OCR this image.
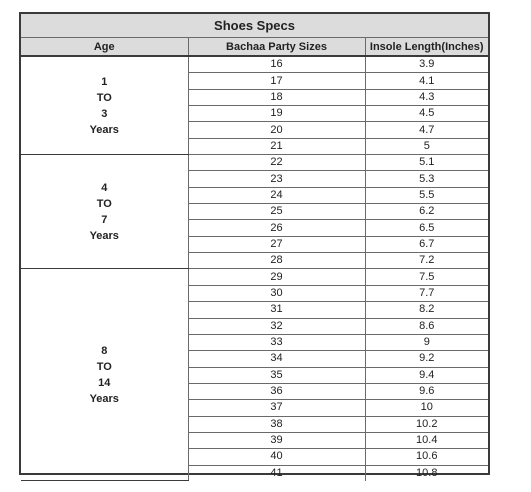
Shoes Specs
Age	Bachaa Party Sizes	Insole Length(Inches)

1
TO
3
Years	16	3.9
	17	4.1
	18	4.3
	19	4.5
	20	4.7
	21	5

4
TO
7
Years	22	5.1
	23	5.3
	24	5.5
	25	6.2
	26	6.5
	27	6.7
	28	7.2

8
TO
14
Years	29	7.5
	30	7.7
	31	8.2
	32	8.6
	33	9
	34	9.2
	35	9.4
	36	9.6
	37	10
	38	10.2
	39	10.4
	40	10.6
	41	10.8
